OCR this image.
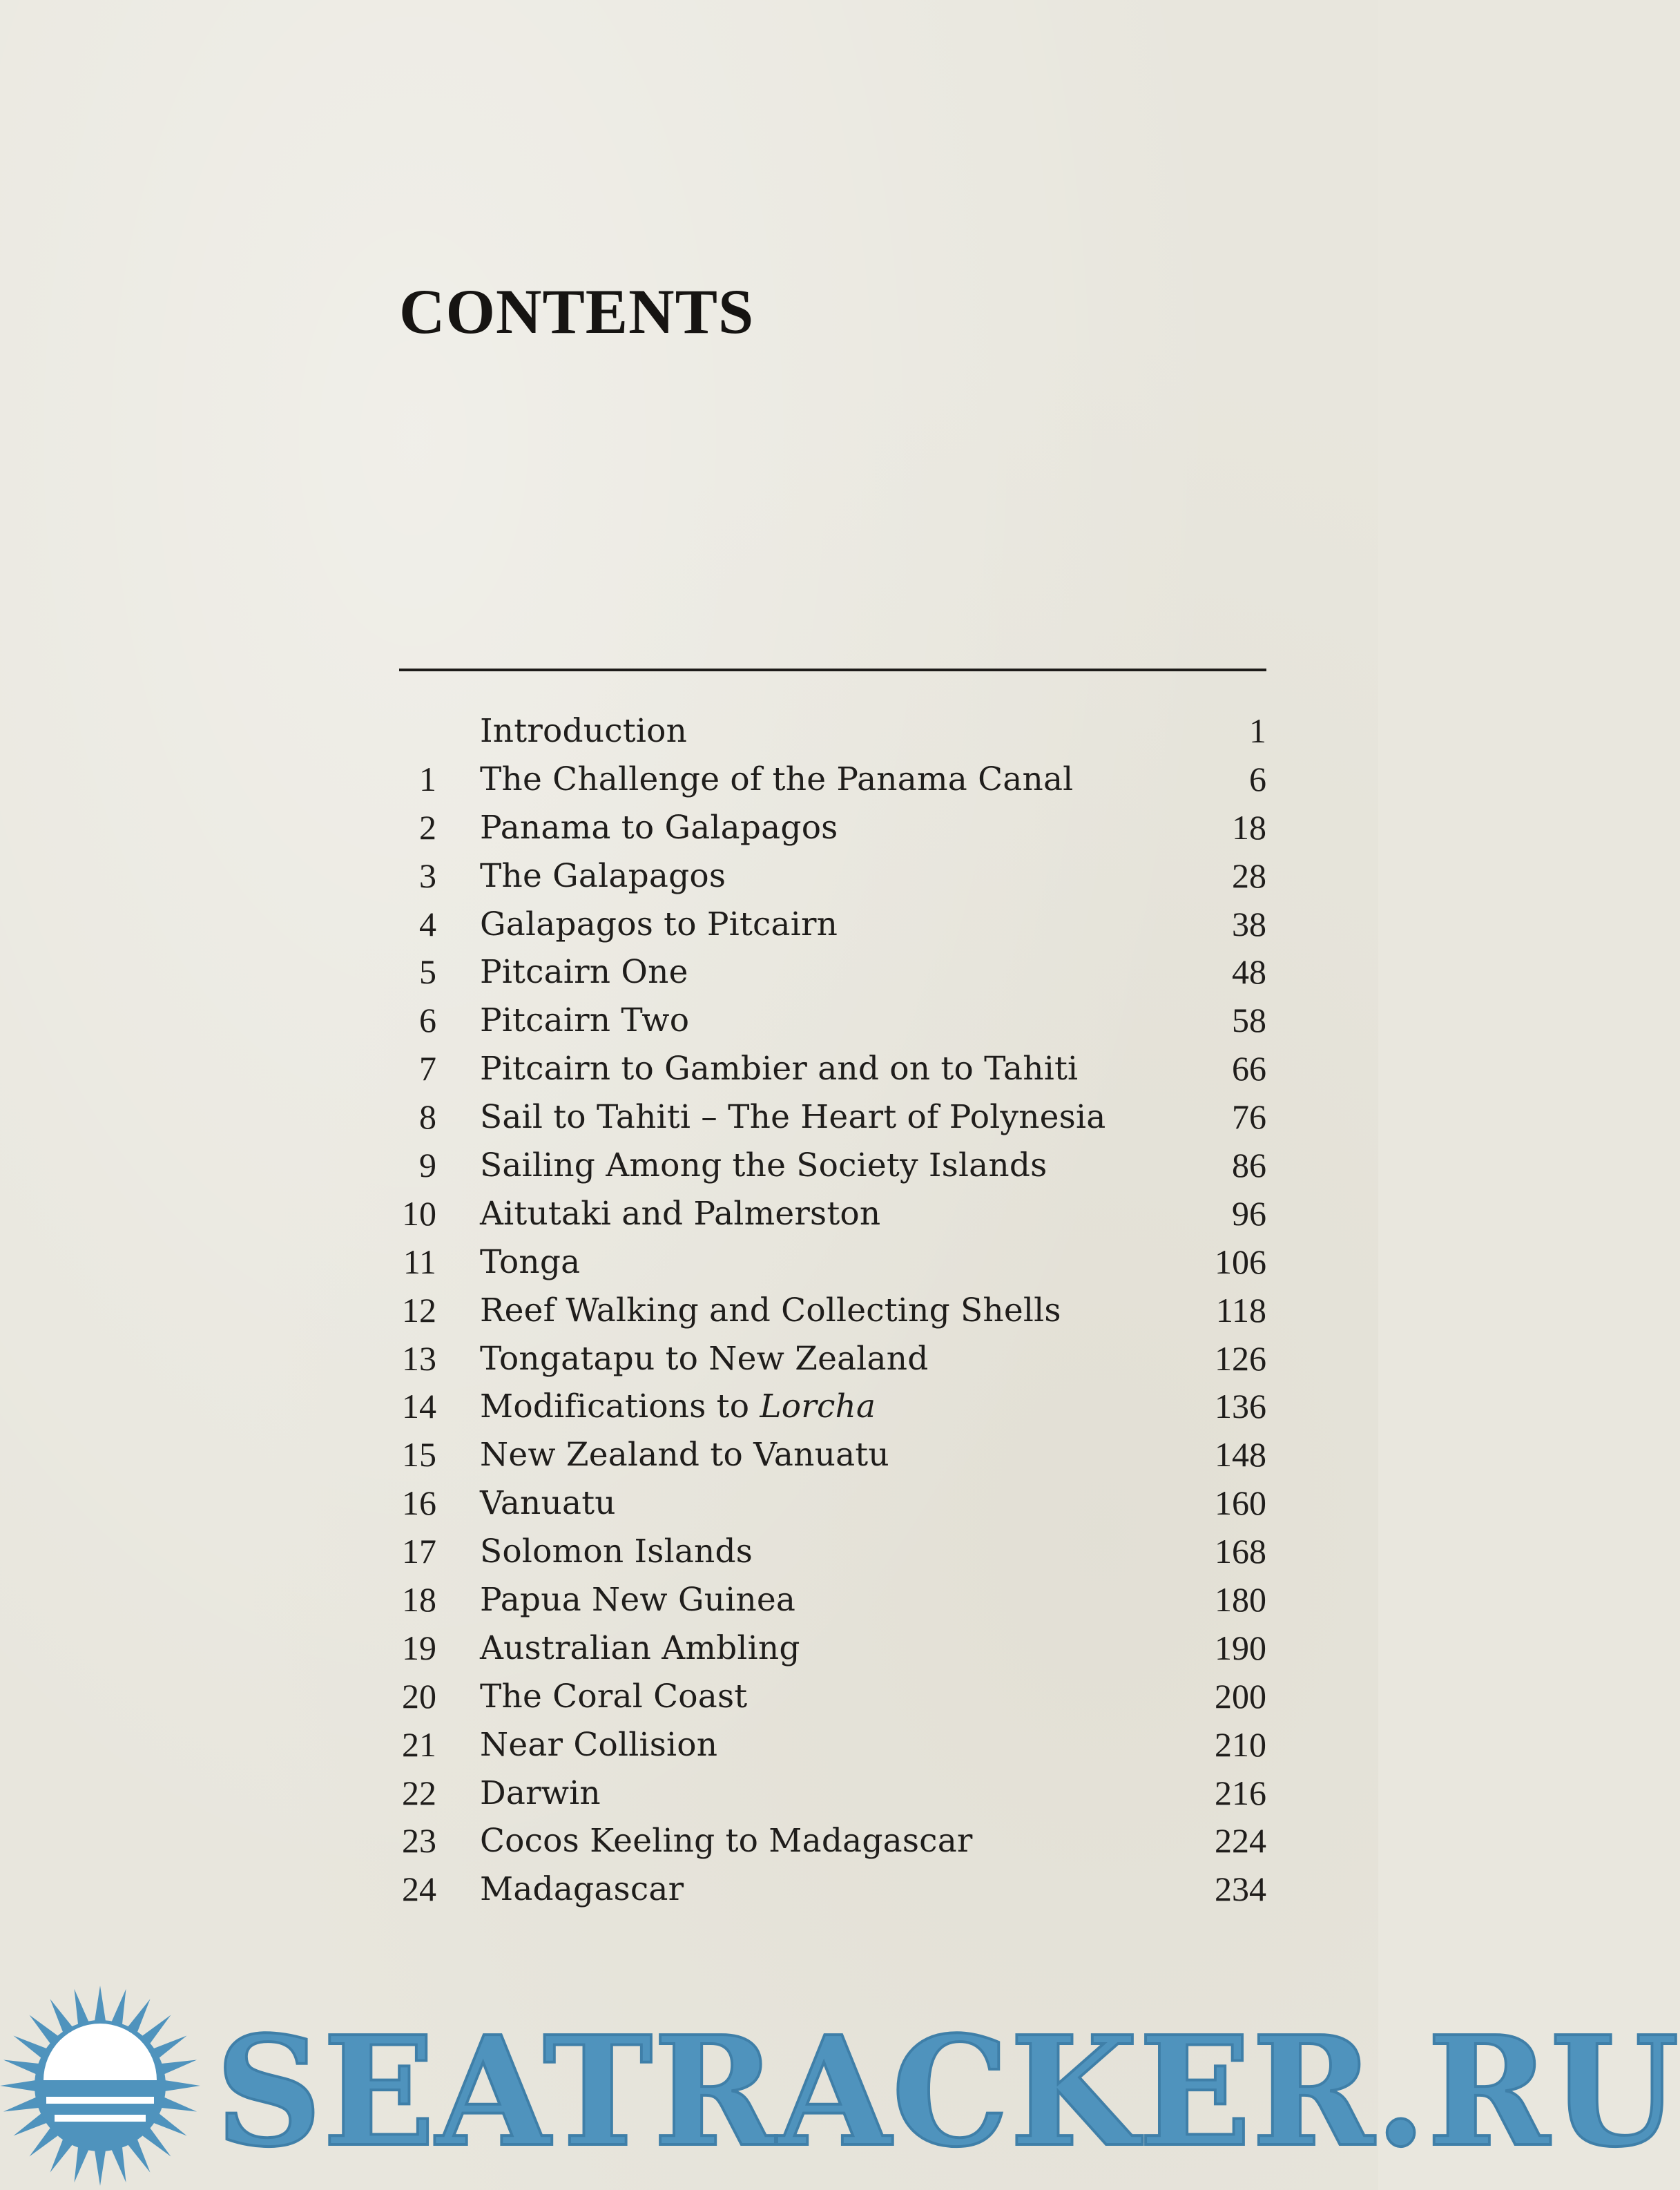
CONTENTS
Introduction	1
1 The Challenge of the Panama Canal	6
2 Panama to Galapagos	18
3 The Galapagos	28
4 Galapagos to Pitcairn	38
5 Pitcairn One	48
6 Pitcairn Two	58
7 Pitcairn to Gambier and on to Tahiti	66
8 Sail to Tahiti – The Heart of Polynesia	76
9 Sailing Among the Society Islands	86
10 Aitutaki and Palmerston	96
11 Tonga	106
12 Reef Walking and Collecting Shells	118
13 Tongatapu to New Zealand	126
14 Modifications to Lorcha	136
15 New Zealand to Vanuatu	148
16 Vanuatu	160
17 Solomon Islands	168
18 Papua New Guinea	180
19 Australian Ambling	190
20 The Coral Coast	200
21 Near Collision	210
22 Darwin	216
23 Cocos Keeling to Madagascar	224
24 Madagascar	234
SEATRACKER.RU
